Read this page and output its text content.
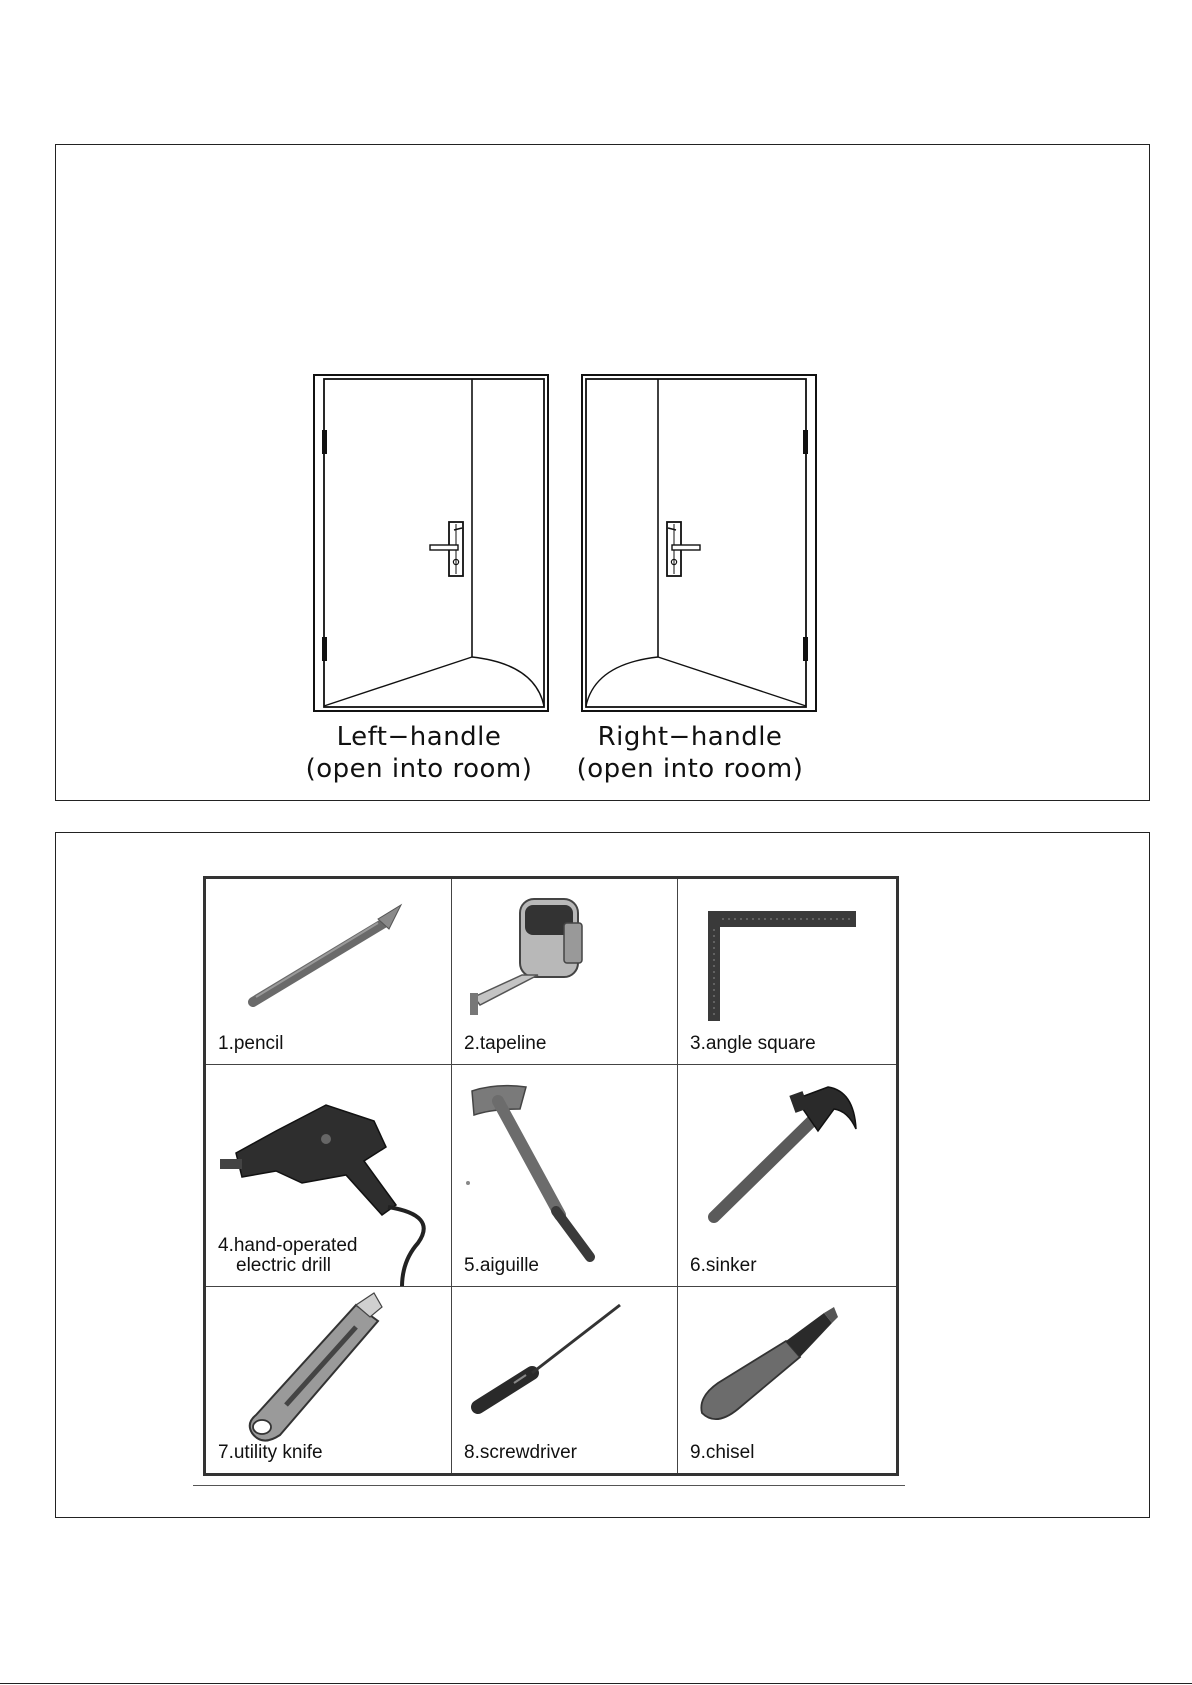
Left−handle
(open into room)
Right−handle
(open into room)
1.pencil	2.tapeline	3.angle square
4.hand-operated
electric drill	5.aiguille	6.sinker
7.utility knife	8.screwdriver	9.chisel
